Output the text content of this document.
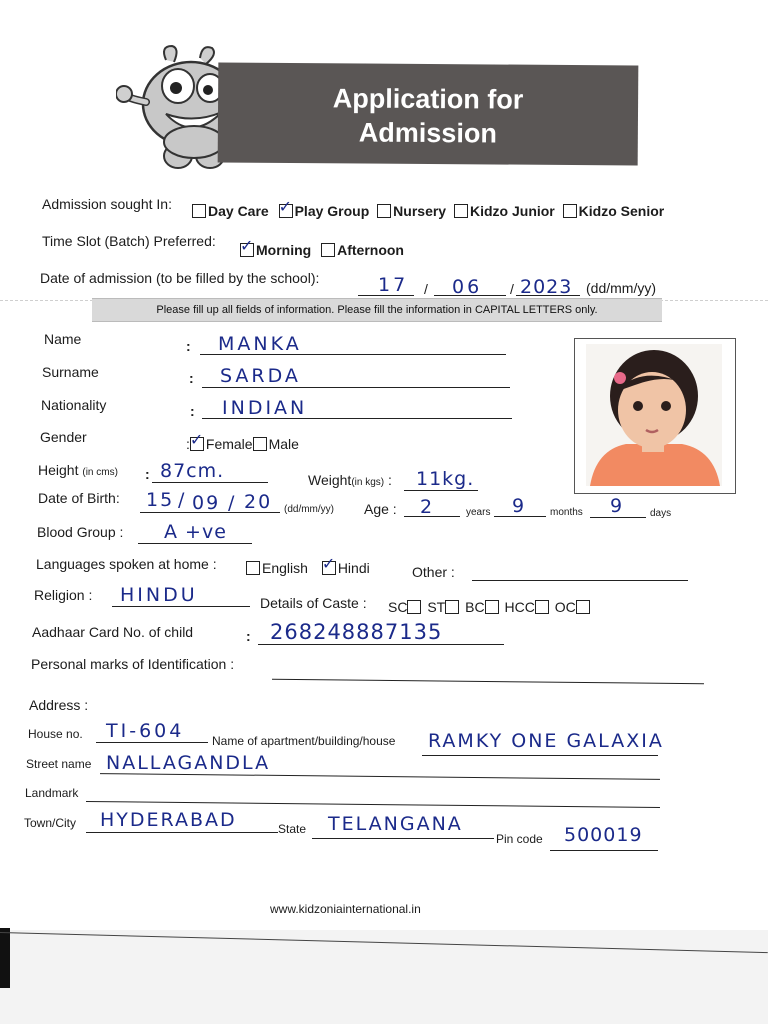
Application for
Admission
Admission sought In:	Day Care ✓ Play Group Nursery Kidzo Junior Kidzo Senior
Time Slot (Batch) Preferred: ✓ Morning Afternoon
Date of admission (to be filled by the school):	17 / 06 / 2023 (dd/mm/yy)
Please fill up all fields of information. Please fill the information in CAPITAL LETTERS only.
Name	: MANKA
Surname	: SARDA
Nationality	: INDIAN
Gender	: ✓ Female Male
Height (in cms) : 87cm.	Weight(in kgs) : 11kg.
Date of Birth: 15 / 09 / 20 (dd/mm/yy) Age : 2	years 9 months 9 days
Blood Group : A +ve
Languages spoken at home :	English ✓ Hindi	Other :
Religion : HINDU	Details of Caste : SC ST BC HCC OC
Aadhaar Card No. of child	: 268248887135
Personal marks of Identification :
Address :
House no. TI-604 Name of apartment/building/house RAMKY ONE GALAXIA
Street name NALLAGANDLA
Landmark
Town/City HYDERABAD	State TELANGANA
Pin code 500019
www.kidzoniainternational.in
